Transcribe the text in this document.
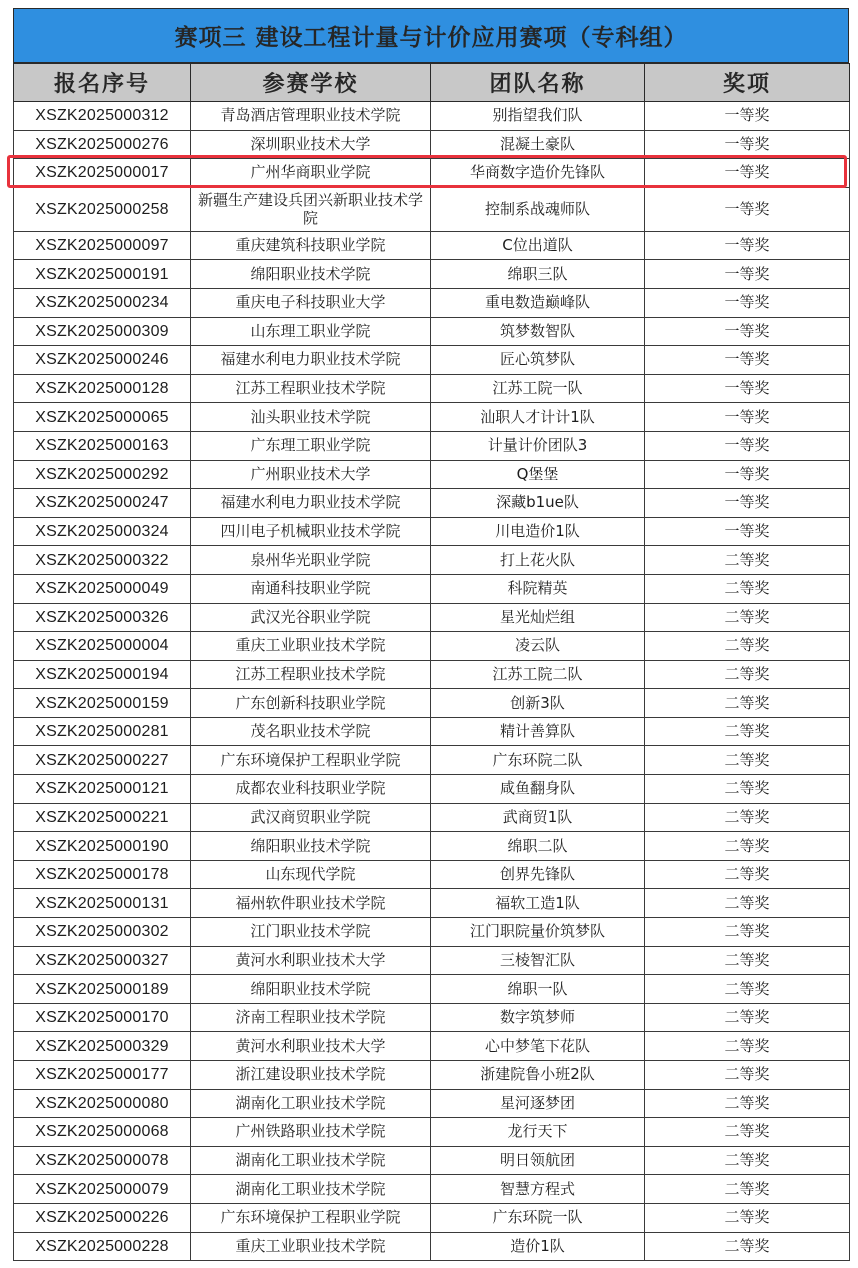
赛项三 建设工程计量与计价应用赛项（专科组）
报名序号	参赛学校	团队名称	奖项
XSZK2025000312	青岛酒店管理职业技术学院	别指望我们队	一等奖
XSZK2025000276	深圳职业技术大学	混凝土豪队	一等奖
XSZK2025000017	广州华商职业学院	华商数字造价先锋队	一等奖
XSZK2025000258	新疆生产建设兵团兴新职业技术学院	控制系战魂师队	一等奖
XSZK2025000097	重庆建筑科技职业学院	C位出道队	一等奖
XSZK2025000191	绵阳职业技术学院	绵职三队	一等奖
XSZK2025000234	重庆电子科技职业大学	重电数造巅峰队	一等奖
XSZK2025000309	山东理工职业学院	筑梦数智队	一等奖
XSZK2025000246	福建水利电力职业技术学院	匠心筑梦队	一等奖
XSZK2025000128	江苏工程职业技术学院	江苏工院一队	一等奖
XSZK2025000065	汕头职业技术学院	汕职人才计计1队	一等奖
XSZK2025000163	广东理工职业学院	计量计价团队3	一等奖
XSZK2025000292	广州职业技术大学	Q堡堡	一等奖
XSZK2025000247	福建水利电力职业技术学院	深藏b1ue队	一等奖
XSZK2025000324	四川电子机械职业技术学院	川电造价1队	一等奖
XSZK2025000322	泉州华光职业学院	打上花火队	二等奖
XSZK2025000049	南通科技职业学院	科院精英	二等奖
XSZK2025000326	武汉光谷职业学院	星光灿烂组	二等奖
XSZK2025000004	重庆工业职业技术学院	凌云队	二等奖
XSZK2025000194	江苏工程职业技术学院	江苏工院二队	二等奖
XSZK2025000159	广东创新科技职业学院	创新3队	二等奖
XSZK2025000281	茂名职业技术学院	精计善算队	二等奖
XSZK2025000227	广东环境保护工程职业学院	广东环院二队	二等奖
XSZK2025000121	成都农业科技职业学院	咸鱼翻身队	二等奖
XSZK2025000221	武汉商贸职业学院	武商贸1队	二等奖
XSZK2025000190	绵阳职业技术学院	绵职二队	二等奖
XSZK2025000178	山东现代学院	创界先锋队	二等奖
XSZK2025000131	福州软件职业技术学院	福软工造1队	二等奖
XSZK2025000302	江门职业技术学院	江门职院量价筑梦队	二等奖
XSZK2025000327	黄河水利职业技术大学	三棱智汇队	二等奖
XSZK2025000189	绵阳职业技术学院	绵职一队	二等奖
XSZK2025000170	济南工程职业技术学院	数字筑梦师	二等奖
XSZK2025000329	黄河水利职业技术大学	心中梦笔下花队	二等奖
XSZK2025000177	浙江建设职业技术学院	浙建院鲁小班2队	二等奖
XSZK2025000080	湖南化工职业技术学院	星河逐梦团	二等奖
XSZK2025000068	广州铁路职业技术学院	龙行天下	二等奖
XSZK2025000078	湖南化工职业技术学院	明日领航团	二等奖
XSZK2025000079	湖南化工职业技术学院	智慧方程式	二等奖
XSZK2025000226	广东环境保护工程职业学院	广东环院一队	二等奖
XSZK2025000228	重庆工业职业技术学院	造价1队	二等奖
